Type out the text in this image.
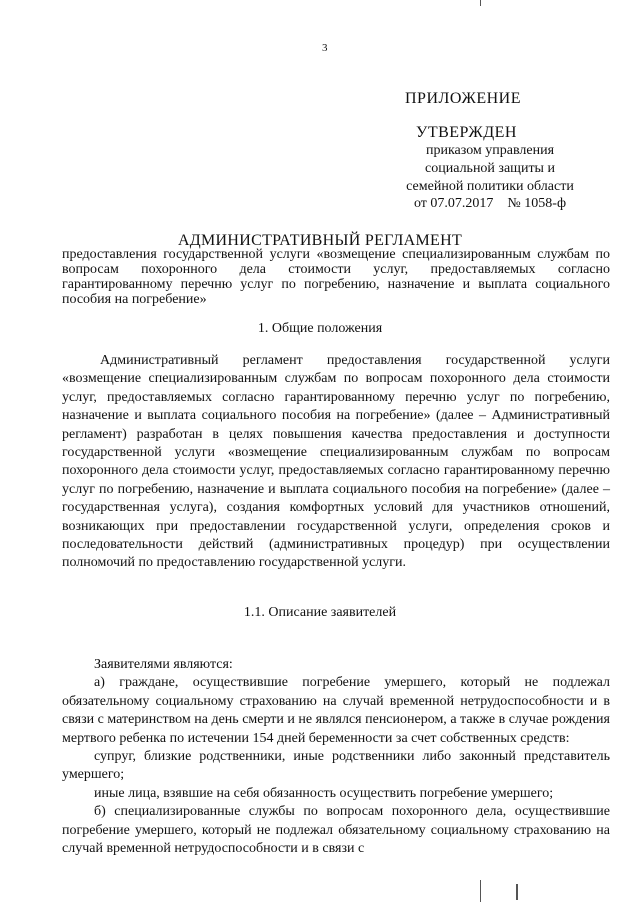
3
ПРИЛОЖЕНИЕ
УТВЕРЖДЕН
приказом управления
социальной защиты и
семейной политики области
от 07.07.2017    № 1058-ф
АДМИНИСТРАТИВНЫЙ РЕГЛАМЕНТ
предоставления государственной услуги «возмещение специализированным службам по вопросам похоронного дела стоимости услуг, предоставляемых согласно гарантированному перечню услуг по погребению, назначение и выплата социального пособия на погребение»
1. Общие положения

Административный регламент предоставления государственной услуги «возмещение специализированным службам по вопросам похоронного дела стоимости услуг, предоставляемых согласно гарантированному перечню услуг по погребению, назначение и выплата социального пособия на погребение» (далее – Административный регламент) разработан в целях повышения качества предоставления и доступности государственной услуги «возмещение специализированным службам по вопросам похоронного дела стоимости услуг, предоставляемых согласно гарантированному перечню услуг по погребению, назначение и выплата социального пособия на погребение» (далее – государственная услуга), создания комфортных условий для участников отношений, возникающих при предоставлении государственной услуги, определения сроков и последовательности действий (административных процедур) при осуществлении полномочий по предоставлению государственной услуги.

1.1. Описание заявителей

Заявителями являются:

а) граждане, осуществившие погребение умершего, который не подлежал обязательному социальному страхованию на случай временной нетрудоспособности и в связи с материнством на день смерти и не являлся пенсионером, а также в случае рождения мертвого ребенка по истечении 154 дней беременности за счет собственных средств:

супруг, близкие родственники, иные родственники либо законный представитель умершего;

иные лица, взявшие на себя обязанность осуществить погребение умершего;

б) специализированные службы по вопросам похоронного дела, осуществившие погребение умершего, который не подлежал обязательному социальному страхованию на случай временной нетрудоспособности и в связи с
